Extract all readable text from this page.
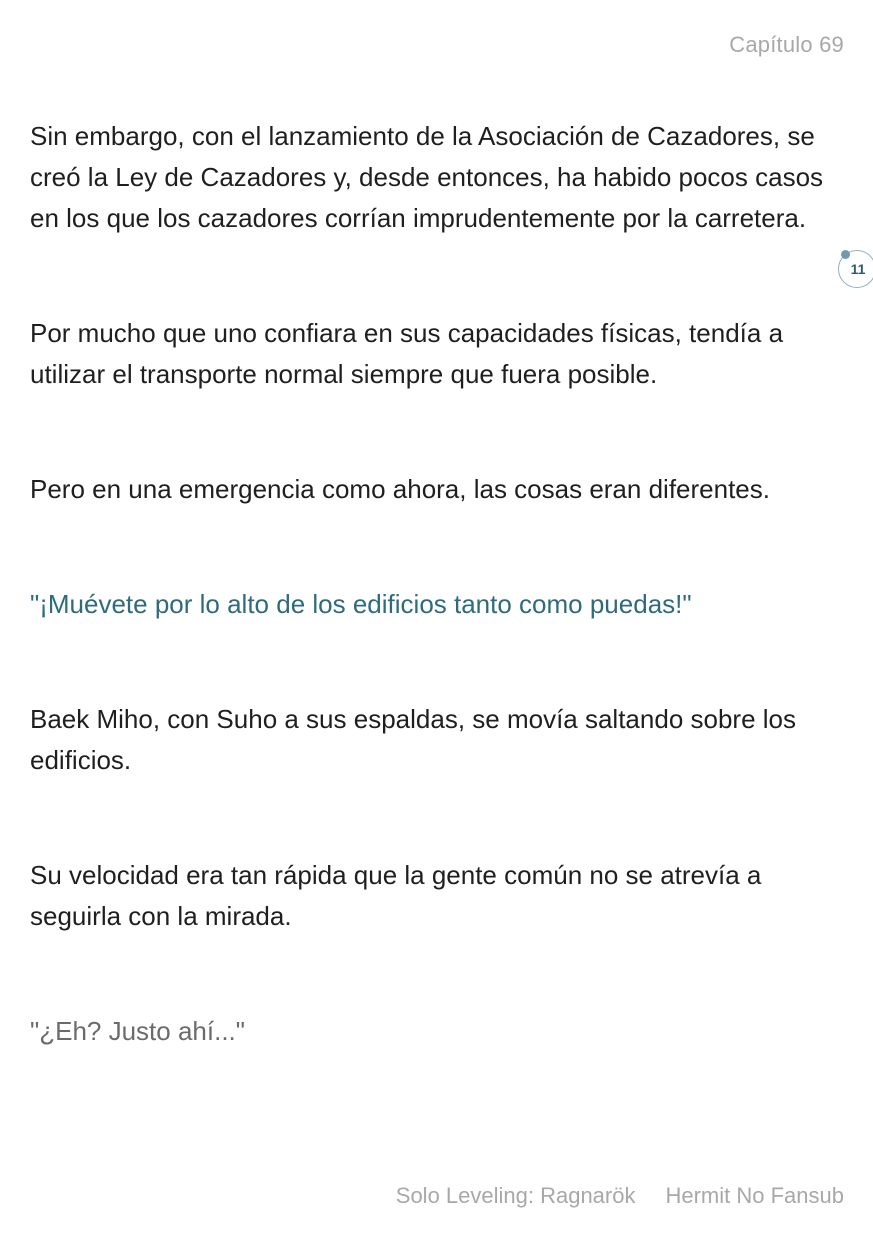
Capítulo 69

Sin embargo, con el lanzamiento de la Asociación de Cazadores, se creó la Ley de Cazadores y, desde entonces, ha habido pocos casos en los que los cazadores corrían imprudentemente por la carretera.

Por mucho que uno confiara en sus capacidades físicas, tendía a utilizar el transporte normal siempre que fuera posible.

Pero en una emergencia como ahora, las cosas eran diferentes.

"¡Muévete por lo alto de los edificios tanto como puedas!"

Baek Miho, con Suho a sus espaldas, se movía saltando sobre los edificios.

Su velocidad era tan rápida que la gente común no se atrevía a seguirla con la mirada.

"¿Eh? Justo ahí..."

11
Solo Leveling: Ragnarök Hermit No Fansub
